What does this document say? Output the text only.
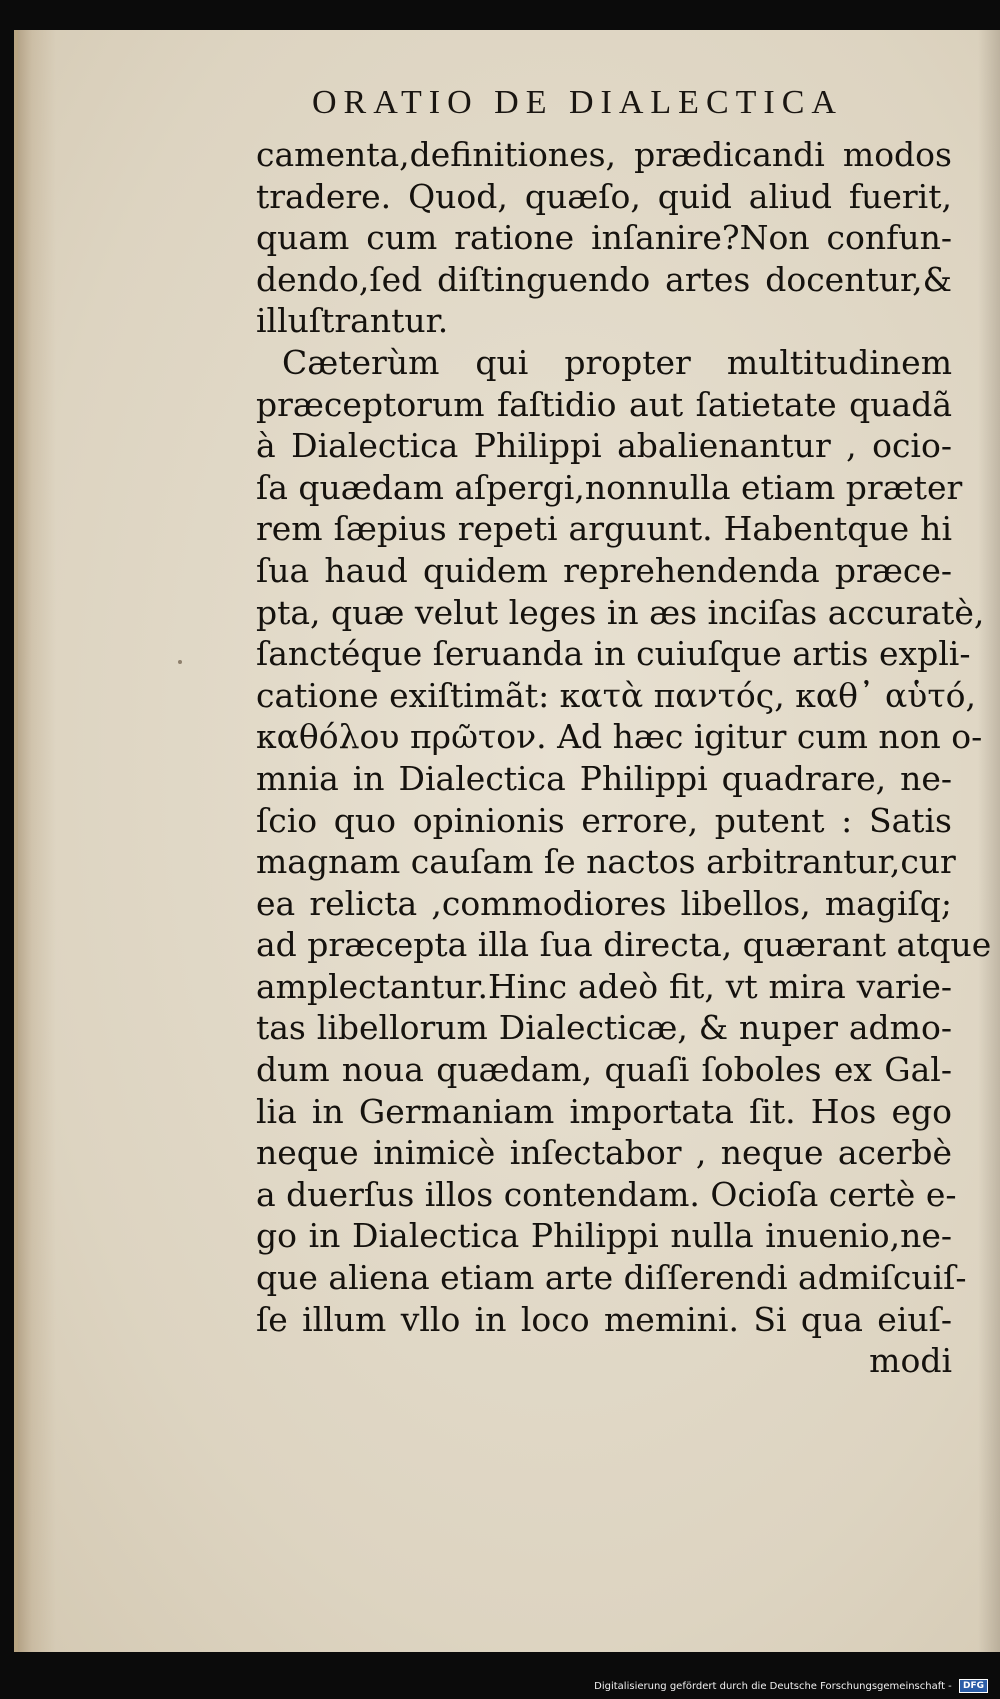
ORATIO DE DIALECTICA
camenta,definitiones, prædicandi modos
tradere. Quod, quæſo, quid aliud fuerit,
quam cum ratione inſanire?Non confun-
dendo,ſed diſtinguendo artes docentur,&
illuſtrantur.
Cæterùm qui propter multitudinem
præceptorum faſtidio aut ſatietate quadã
à Dialectica Philippi abalienantur , ocio-
ſa quædam aſpergi,nonnulla etiam præter
rem ſæpius repeti arguunt. Habentque hi
ſua haud quidem reprehendenda præce-
pta, quæ velut leges in æs inciſas accuratè,
ſanctéque ſeruanda in cuiuſque artis expli-
catione exiſtimãt: κατὰ παντός, καθ᾽ αὑτό,
καθόλου πρῶτον. Ad hæc igitur cum non o-
mnia in Dialectica Philippi quadrare, ne-
ſcio quo opinionis errore, putent : Satis
magnam cauſam ſe nactos arbitrantur,cur
ea relicta ,commodiores libellos, magiſq;
ad præcepta illa ſua directa, quærant atque
amplectantur.Hinc adeò fit, vt mira varie-
tas libellorum Dialecticæ, & nuper admo-
dum noua quædam, quaſi ſoboles ex Gal-
lia in Germaniam importata ſit. Hos ego
neque inimicè inſectabor , neque acerbè
a duerſus illos contendam. Ocioſa certè e-
go in Dialectica Philippi nulla inuenio,ne-
que aliena etiam arte diſſerendi admiſcuiſ-
ſe illum vllo in loco memini. Si qua eiuſ-
modi
Digitalisierung gefördert durch die Deutsche Forschungsgemeinschaft - DFG
